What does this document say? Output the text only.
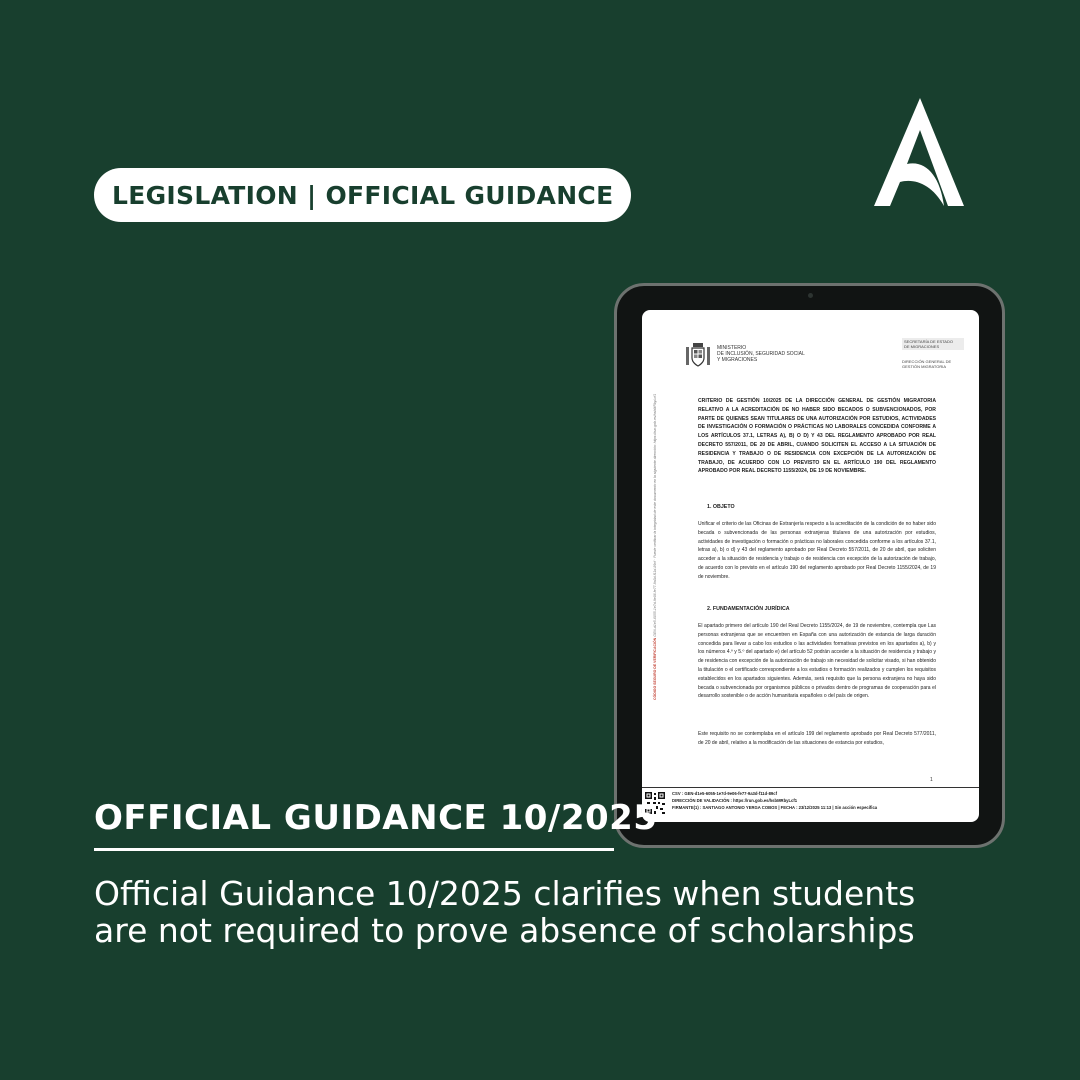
LEGISLATION | OFFICIAL GUIDANCE
CÓDIGO SEGURO DE VERIFICACIÓN GEN-d1e5-6055-1e7d-9e06-fe77-9a3d-f11d-89cf · Puede verificar la integridad de este documento en la siguiente dirección: https://run.gob.es/hsbMRbyLcf1
MINISTERIO
DE INCLUSIÓN, SEGURIDAD SOCIAL
Y MIGRACIONES
SECRETARÍA DE ESTADO
DE MIGRACIONES
DIRECCIÓN GENERAL DE
GESTIÓN MIGRATORIA
CRITERIO DE GESTIÓN 10/2025 DE LA DIRECCIÓN GENERAL DE GESTIÓN MIGRATORIA RELATIVO A LA ACREDITACIÓN DE NO HABER SIDO BECADOS O SUBVENCIONADOS, POR PARTE DE QUIENES SEAN TITULARES DE UNA AUTORIZACIÓN POR ESTUDIOS, ACTIVIDADES DE INVESTIGACIÓN O FORMACIÓN O PRÁCTICAS NO LABORALES CONCEDIDA CONFORME A LOS ARTÍCULOS 37.1, LETRAS A), B) O D) Y 43 DEL REGLAMENTO APROBADO POR REAL DECRETO 557/2011, DE 20 DE ABRIL, CUANDO SOLICITEN EL ACCESO A LA SITUACIÓN DE RESIDENCIA Y TRABAJO O DE RESIDENCIA CON EXCEPCIÓN DE LA AUTORIZACIÓN DE TRABAJO, DE ACUERDO CON LO PREVISTO EN EL ARTÍCULO 190 DEL REGLAMENTO APROBADO POR REAL DECRETO 1155/2024, DE 19 DE NOVIEMBRE.
1. OBJETO
Unificar el criterio de las Oficinas de Extranjería respecto a la acreditación de la condición de no haber sido becada o subvencionada de las personas extranjeras titulares de una autorización por estudios, actividades de investigación o formación o prácticas no laborales concedida conforme a los artículos 37.1, letras a), b) o d) y 43 del reglamento aprobado por Real Decreto 557/2011, de 20 de abril, que soliciten acceder a la situación de residencia y trabajo o de residencia con excepción de la autorización de trabajo, de acuerdo con lo previsto en el artículo 190 del reglamento aprobado por Real Decreto 1155/2024, de 19 de noviembre.
2. FUNDAMENTACIÓN JURÍDICA
El apartado primero del artículo 190 del Real Decreto 1155/2024, de 19 de noviembre, contempla que Las personas extranjeras que se encuentren en España con una autorización de estancia de larga duración concedida para llevar a cabo los estudios o las actividades formativas previstos en los apartados a), b) y los números 4.º y 5.º del apartado e) del artículo 52 podrán acceder a la situación de residencia y trabajo y de residencia con excepción de la autorización de trabajo sin necesidad de solicitar visado, si han obtenido la titulación o el certificado correspondiente a los estudios o formación realizados y cumplen los requisitos establecidos en los apartados siguientes. Además, será requisito que la persona extranjera no haya sido becada o subvencionada por organismos públicos o privados dentro de programas de cooperación para el desarrollo sostenible o de acción humanitaria españoles o del país de origen.
Este requisito no se contemplaba en el artículo 199 del reglamento aprobado por Real Decreto 577/2011, de 20 de abril, relativo a la modificación de las situaciones de estancia por estudios,
1
CSV : GEN-d1e5-6055-1e7d-9e06-fe77-9a3d-f11d-89cf
DIRECCIÓN DE VALIDACIÓN : https://run.gob.es/hsbMRbyLcf1
FIRMANTE(1) : SANTIAGO ANTONIO YERGA COBOS | FECHA : 23/12/2025 11:13 | Sin acción específica
OFFICIAL GUIDANCE 10/2025
Official Guidance 10/2025 clarifies when students are not required to prove absence of scholarships
